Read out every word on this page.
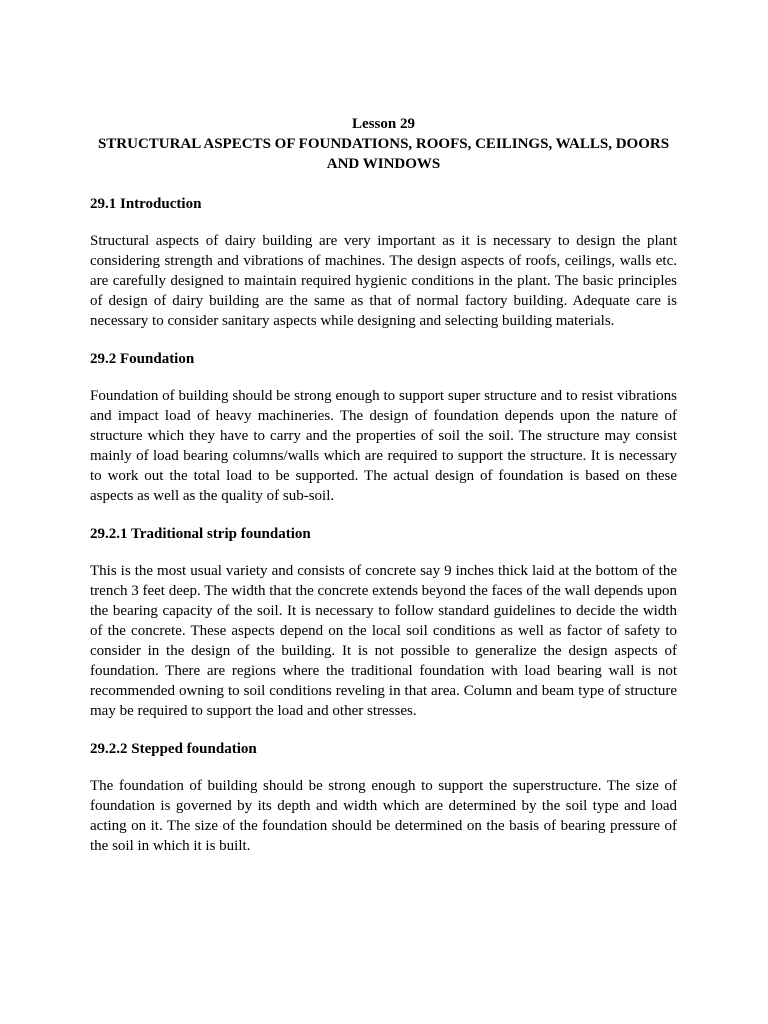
Lesson 29

STRUCTURAL ASPECTS OF FOUNDATIONS, ROOFS, CEILINGS, WALLS, DOORS AND WINDOWS

29.1 Introduction

Structural aspects of dairy building are very important as it is necessary to design the plant considering strength and vibrations of machines. The design aspects of roofs, ceilings, walls etc. are carefully designed to maintain required hygienic conditions in the plant. The basic principles of design of dairy building are the same as that of normal factory building. Adequate care is necessary to consider sanitary aspects while designing and selecting building materials.

29.2 Foundation

Foundation of building should be strong enough to support super structure and to resist vibrations and impact load of heavy machineries. The design of foundation depends upon the nature of structure which they have to carry and the properties of soil the soil. The structure may consist mainly of load bearing columns/walls which are required to support the structure. It is necessary to work out the total load to be supported. The actual design of foundation is based on these aspects as well as the quality of sub-soil.

29.2.1 Traditional strip foundation

This is the most usual variety and consists of concrete say 9 inches thick laid at the bottom of the trench 3 feet deep. The width that the concrete extends beyond the faces of the wall depends upon the bearing capacity of the soil. It is necessary to follow standard guidelines to decide the width of the concrete. These aspects depend on the local soil conditions as well as factor of safety to consider in the design of the building. It is not possible to generalize the design aspects of foundation. There are regions where the traditional foundation with load bearing wall is not recommended owning to soil conditions reveling in that area. Column and beam type of structure may be required to support the load and other stresses.

29.2.2 Stepped foundation

The foundation of building should be strong enough to support the superstructure. The size of foundation is governed by its depth and width which are determined by the soil type and load acting on it. The size of the foundation should be determined on the basis of bearing pressure of the soil in which it is built.
